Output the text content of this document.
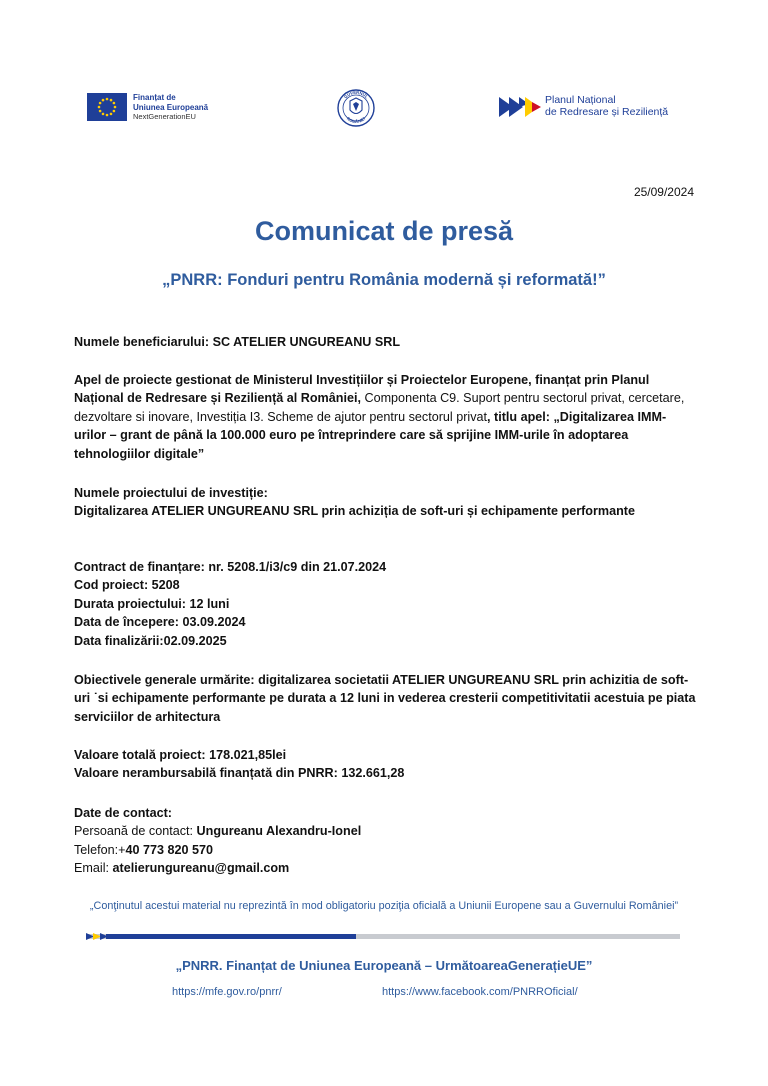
Finanțat de
Uniunea Europeană
NextGenerationEU
GUVERNUL
ROMÂNIEI
Planul Național
de Redresare și Reziliență
25/09/2024
Comunicat de presă
„PNRR: Fonduri pentru România modernă și reformată!”
Numele beneficiarului: SC ATELIER UNGUREANU SRL
Apel de proiecte gestionat de Ministerul Investițiilor și Proiectelor Europene, finanțat prin Planul Național de Redresare și Reziliență al României, Componenta C9. Suport pentru sectorul privat, cercetare, dezvoltare si inovare, Investiția I3. Scheme de ajutor pentru sectorul privat, titlu apel: „Digitalizarea IMM-urilor – grant de până la 100.000 euro pe întreprindere care să sprijine IMM-urile în adoptarea tehnologiilor digitale”
Numele proiectului de investiție:
Digitalizarea ATELIER UNGUREANU SRL prin achiziția de soft-uri și echipamente performante
Contract de finanțare: nr. 5208.1/i3/c9 din 21.07.2024
Cod proiect: 5208
Durata proiectului: 12 luni
Data de începere: 03.09.2024
Data finalizării:02.09.2025
Obiectivele generale urmărite: digitalizarea societatii ATELIER UNGUREANU SRL prin achizitia de soft-uri ˙si echipamente performante pe durata a 12 luni in vederea cresterii competitivitatii acestuia pe piata serviciilor de arhitectura
Valoare totală proiect: 178.021,85lei
Valoare nerambursabilă finanțată din PNRR: 132.661,28
Date de contact:
Persoană de contact: Ungureanu Alexandru-Ionel
Telefon:+40 773 820 570
Email: atelierungureanu@gmail.com
„Conţinutul acestui material nu reprezintă în mod obligatoriu poziţia oficială a Uniunii Europene sau a Guvernului României”
„PNRR. Finanțat de Uniunea Europeană – UrmătoareaGenerațieUE”
https://mfe.gov.ro/pnrr/	https://www.facebook.com/PNRROficial/
